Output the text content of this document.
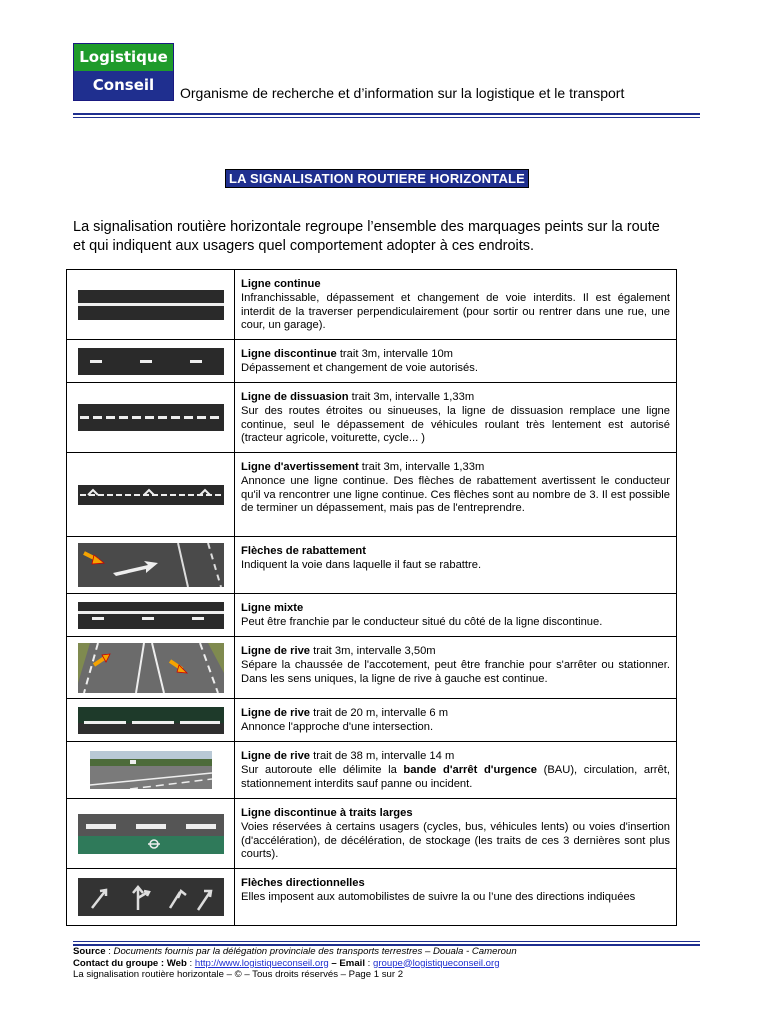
Logistique
Conseil	Organisme de recherche et d’information sur la logistique et le transport
LA SIGNALISATION ROUTIERE HORIZONTALE
La signalisation routière horizontale regroupe l’ensemble des marquages peints sur la route et qui indiquent aux usagers quel comportement adopter à ces endroits.
Ligne continue
Infranchissable, dépassement et changement de voie interdits. Il est également interdit de la traverser perpendiculairement (pour sortir ou rentrer dans une rue, une cour, un garage).
Ligne discontinue trait 3m, intervalle 10m
Dépassement et changement de voie autorisés.
Ligne de dissuasion trait 3m, intervalle 1,33m
Sur des routes étroites ou sinueuses, la ligne de dissuasion remplace une ligne continue, seul le dépassement de véhicules roulant très lentement est autorisé (tracteur agricole, voiturette, cycle... )
Ligne d'avertissement trait 3m, intervalle 1,33m
Annonce une ligne continue. Des flèches de rabattement avertissent le conducteur qu'il va rencontrer une ligne continue. Ces flèches sont au nombre de 3. Il est possible de terminer un dépassement, mais pas de l'entreprendre.
Flèches de rabattement
Indiquent la voie dans laquelle il faut se rabattre.
Ligne mixte
Peut être franchie par le conducteur situé du côté de la ligne discontinue.
Ligne de rive trait 3m, intervalle 3,50m
Sépare la chaussée de l'accotement, peut être franchie pour s'arrêter ou stationner. Dans les sens uniques, la ligne de rive à gauche est continue.
Ligne de rive trait de 20 m, intervalle 6 m
Annonce l'approche d'une intersection.
Ligne de rive trait de 38 m, intervalle 14 m
Sur autoroute elle délimite la bande d'arrêt d'urgence (BAU), circulation, arrêt, stationnement interdits sauf panne ou incident.
Ligne discontinue à traits larges
Voies réservées à certains usagers (cycles, bus, véhicules lents) ou voies d'insertion (d'accélération), de décélération, de stockage (les traits de ces 3 dernières sont plus courts).
Flèches directionnelles
Elles imposent aux automobilistes de suivre la ou l’une des directions indiquées
Source : Documents fournis par la délégation provinciale des transports terrestres – Douala - Cameroun
Contact du groupe : Web : http://www.logistiqueconseil.org – Email : groupe@logistiqueconseil.org
La signalisation routière horizontale – © – Tous droits réservés – Page 1 sur 2
